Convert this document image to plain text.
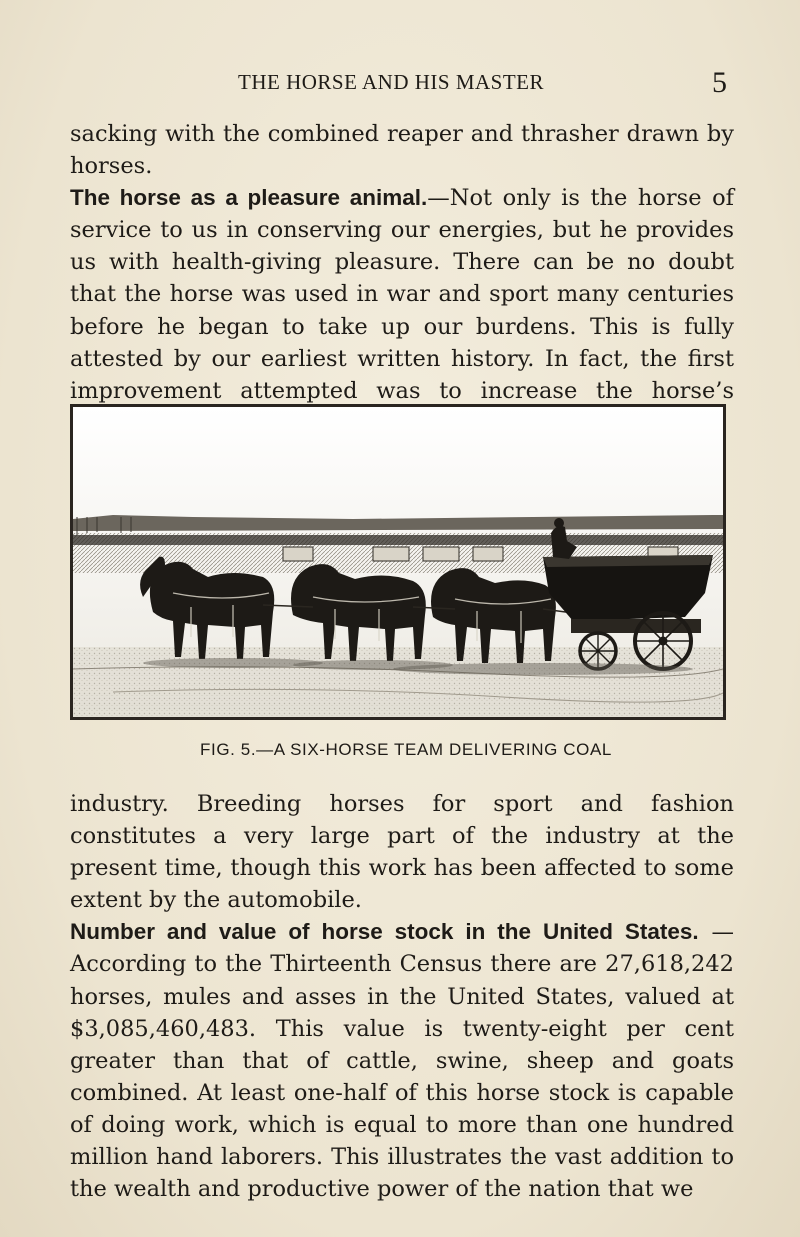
THE HORSE AND HIS MASTER	5

sacking with the combined reaper and thrasher drawn by horses.

The horse as a pleasure animal.—Not only is the horse of service to us in conserving our energies, but he provides us with health-giving pleasure. There can be no doubt that the horse was used in war and sport many centuries before he began to take up our burdens. This is fully attested by our earliest written history. In fact, the first improvement attempted was to increase the horse’s

FIG. 5.—A SIX-HORSE TEAM DELIVERING COAL

industry. Breeding horses for sport and fashion constitutes a very large part of the industry at the present time, though this work has been affected to some extent by the automobile.

Number and value of horse stock in the United States. —According to the Thirteenth Census there are 27,618,242 horses, mules and asses in the United States, valued at $3,085,460,483. This value is twenty-eight per cent greater than that of cattle, swine, sheep and goats combined. At least one-half of this horse stock is capable of doing work, which is equal to more than one hundred million hand laborers. This illustrates the vast addition to the wealth and productive power of the nation that we
